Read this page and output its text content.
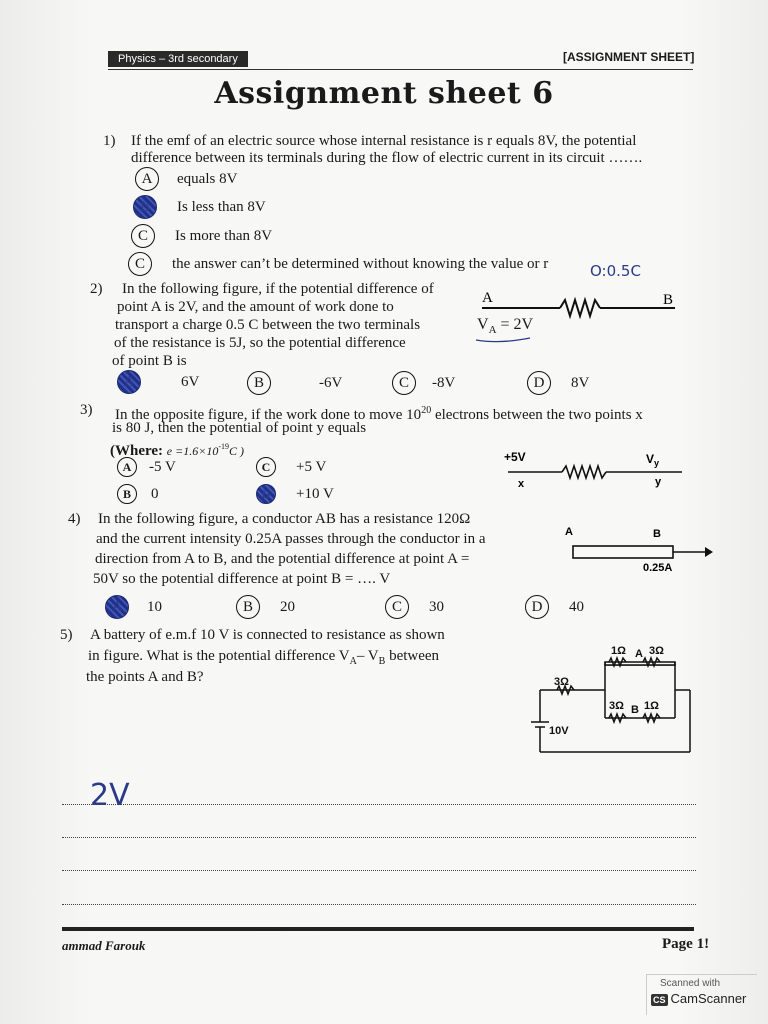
Physics – 3rd secondary	[ASSIGNMENT SHEET]
Assignment sheet 6
1) If the emf of an electric source whose internal resistance is r equals 8V, the potential
difference between its terminals during the flow of electric current in its circuit …….
A equals 8V
B Is less than 8V
C Is more than 8V
C the answer can’t be determined without knowing the value or r	O:0.5C
2) In the following figure, if the potential difference of
point A is 2V, and the amount of work done to
transport a charge 0.5 C between the two terminals
of the resistance is 5J, so the potential difference
of point B is
A	B
$V_A = 2V$
A	6V	B	-6V	C -8V	D 8V
3) In the opposite figure, if the work done to move $10^{20}$ electrons between the two points x
is 80 J, then the potential of point y equals
(Where: $e =1.6\times 10^{-19}C$ )	+5V	$V_y$
x	y
A -5 V	C +5 V
B 0	D +10 V
4) In the following figure, a conductor AB has a resistance 120Ω
and the current intensity 0.25A passes through the conductor in a
direction from A to B, and the potential difference at point A =
50V so the potential difference at point B = …. V
A	B
0.25A
A 10	B 20	C 30	D 40
5) A battery of e.m.f 10 V is connected to resistance as shown
in figure. What is the potential difference $V_A-$ $V_B$ between
the points A and B?
1Ω A 3Ω
3Ω
3Ω B 1Ω
10V
2V
ammad Farouk	Page 1!
Scanned with
CS CamScanner
